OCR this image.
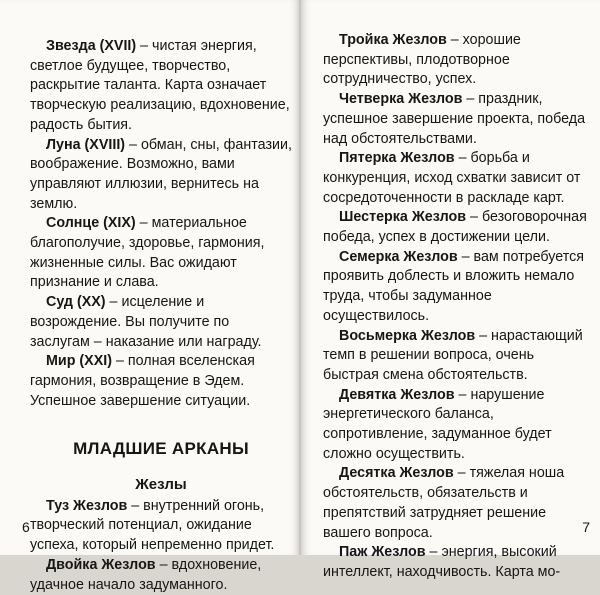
Звезда (XVII) – чистая энергия, светлое будущее, творчество, раскрытие таланта. Карта означает творческую реализацию, вдохновение, радость бытия.

Луна (XVIII) – обман, сны, фантазии, воображение. Возможно, вами управляют иллюзии, вернитесь на землю.

Солнце (XIX) – материальное благополучие, здоровье, гармония, жизненные силы. Вас ожидают признание и слава.

Суд (XX) – исцеление и возрождение. Вы получите по заслугам – наказание или награду.

Мир (XXI) – полная вселенская гармония, возвращение в Эдем. Успешное завершение ситуации.

МЛАДШИЕ АРКАНЫ
Жезлы

Туз Жезлов – внутренний огонь, творческий потенциал, ожидание успеха, который непременно придет.

Двойка Жезлов – вдохновение, удачное начало задуманного.

6

Тройка Жезлов – хорошие перспективы, плодотворное сотрудничество, успех.

Четверка Жезлов – праздник, успешное завершение проекта, победа над обстоятельствами.

Пятерка Жезлов – борьба и конкуренция, исход схватки зависит от сосредоточенности в раскладе карт.

Шестерка Жезлов – безоговорочная победа, успех в достижении цели.

Семерка Жезлов – вам потребуется проявить доблесть и вложить немало труда, чтобы задуманное осуществилось.

Восьмерка Жезлов – нарастающий темп в решении вопроса, очень быстрая смена обстоятельств.

Девятка Жезлов – нарушение энергетического баланса, сопротивление, задуманное будет сложно осуществить.

Десятка Жезлов – тяжелая ноша обстоятельств, обязательств и препятствий затрудняет решение вашего вопроса.

Паж Жезлов – энергия, высокий интеллект, находчивость. Карта мо-

7
